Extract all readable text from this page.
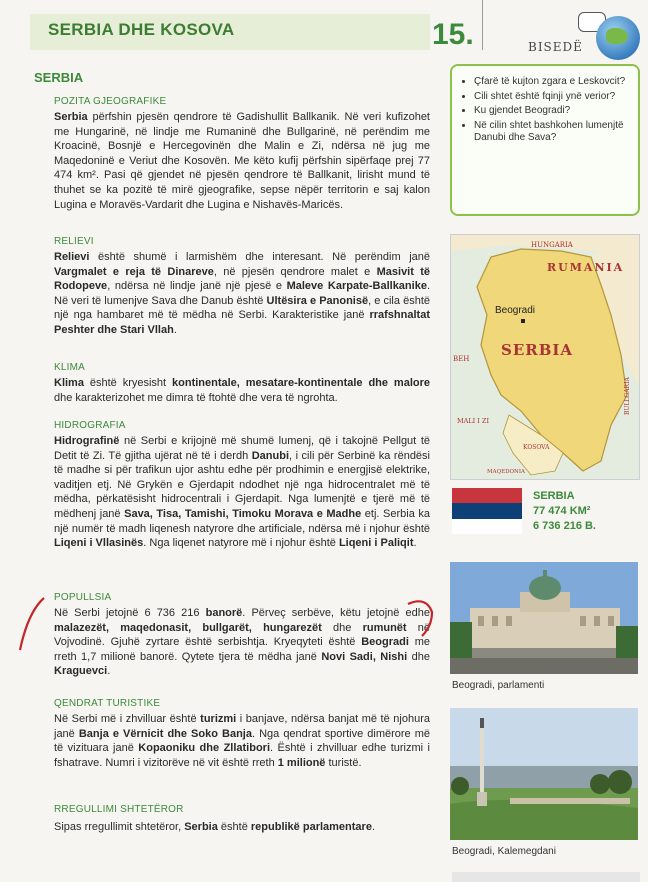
SERBIA DHE KOSOVA	15.	BISEDË
SERBIA
POZITA GJEOGRAFIKE
Serbia përfshin pjesën qendrore të Gadishullit Ballkanik. Në veri kufizohet me Hungarinë, në lindje me Rumaninë dhe Bullgarinë, në perëndim me Kroacinë, Bosnjë e Hercegovinën dhe Malin e Zi, ndërsa në jug me Maqedoninë e Veriut dhe Kosovën. Me këto kufij përfshin sipërfaqe prej 77 474 km². Pasi që gjendet në pjesën qendrore të Ballkanit, lirisht mund të thuhet se ka pozitë të mirë gjeografike, sepse nëpër territorin e saj kalon Lugina e Moravës-Vardarit dhe Lugina e Nishavës-Maricës.
RELIEVI
Relievi është shumë i larmishëm dhe interesant. Në perëndim janë Vargmalet e reja të Dinareve, në pjesën qendrore malet e Masivit të Rodopeve, ndërsa në lindje janë një pjesë e Maleve Karpate-Ballkanike. Në veri të lumenjve Sava dhe Danub është Ultësira e Panonisë, e cila është një nga hambaret më të mëdha në Serbi. Karakteristike janë rrafshnaltat Peshter dhe Stari Vllah.
KLIMA
Klima është kryesisht kontinentale, mesatare-kontinentale dhe malore dhe karakterizohet me dimra të ftohtë dhe vera të ngrohta.
HIDROGRAFIA
Hidrografinë në Serbi e krijojnë më shumë lumenj, që i takojnë Pellgut të Detit të Zi. Të gjitha ujërat në të i derdh Danubi, i cili për Serbinë ka rëndësi të madhe si për trafikun ujor ashtu edhe për prodhimin e energjisë elektrike, vaditjen etj. Në Grykën e Gjerdapit ndodhet një nga hidrocentralet më të mëdha, përkatësisht hidrocentrali i Gjerdapit. Nga lumenjtë e tjerë më të mëdhenj janë Sava, Tisa, Tamishi, Timoku Morava e Madhe etj. Serbia ka një numër të madh liqenesh natyrore dhe artificiale, ndërsa më i njohur është Liqeni i Vllasinës. Nga liqenet natyrore më i njohur është Liqeni i Paliqit.
POPULLSIA
Në Serbi jetojnë 6 736 216 banorë. Përveç serbëve, këtu jetojnë edhe malazezët, maqedonasit, bullgarët, hungarezët dhe rumunët në Vojvodinë. Gjuhë zyrtare është serbishtja. Kryeqyteti është Beogradi me rreth 1,7 milionë banorë. Qytete tjera të mëdha janë Novi Sadi, Nishi dhe Kraguevci.
QENDRAT TURISTIKE
Në Serbi më i zhvilluar është turizmi i banjave, ndërsa banjat më të njohura janë Banja e Vërnicit dhe Soko Banja. Nga qendrat sportive dimërore më të vizituara janë Kopaoniku dhe Zllatibori. Është i zhvilluar edhe turizmi i fshatrave. Numri i vizitorëve në vit është rreth 1 milionë turistë.
RREGULLIMI SHTETËROR
Sipas rregullimit shtetëror, Serbia është republikë parlamentare.
• Çfarë të kujton zgara e Leskovcit?
• Cili shtet është fqinji ynë verior?
• Ku gjendet Beogradi?
• Në cilin shtet bashkohen lumenjtë Danubi dhe Sava?
HUNGARIA
RUMANIA
Beogradi
SERBIA
BEH
MALI I ZI
KOSOVA
BULLGARIA
MAQEDONIA
SERBIA
77 474 KM²
6 736 216 B.
Beogradi, parlamenti
Beogradi, Kalemegdani
